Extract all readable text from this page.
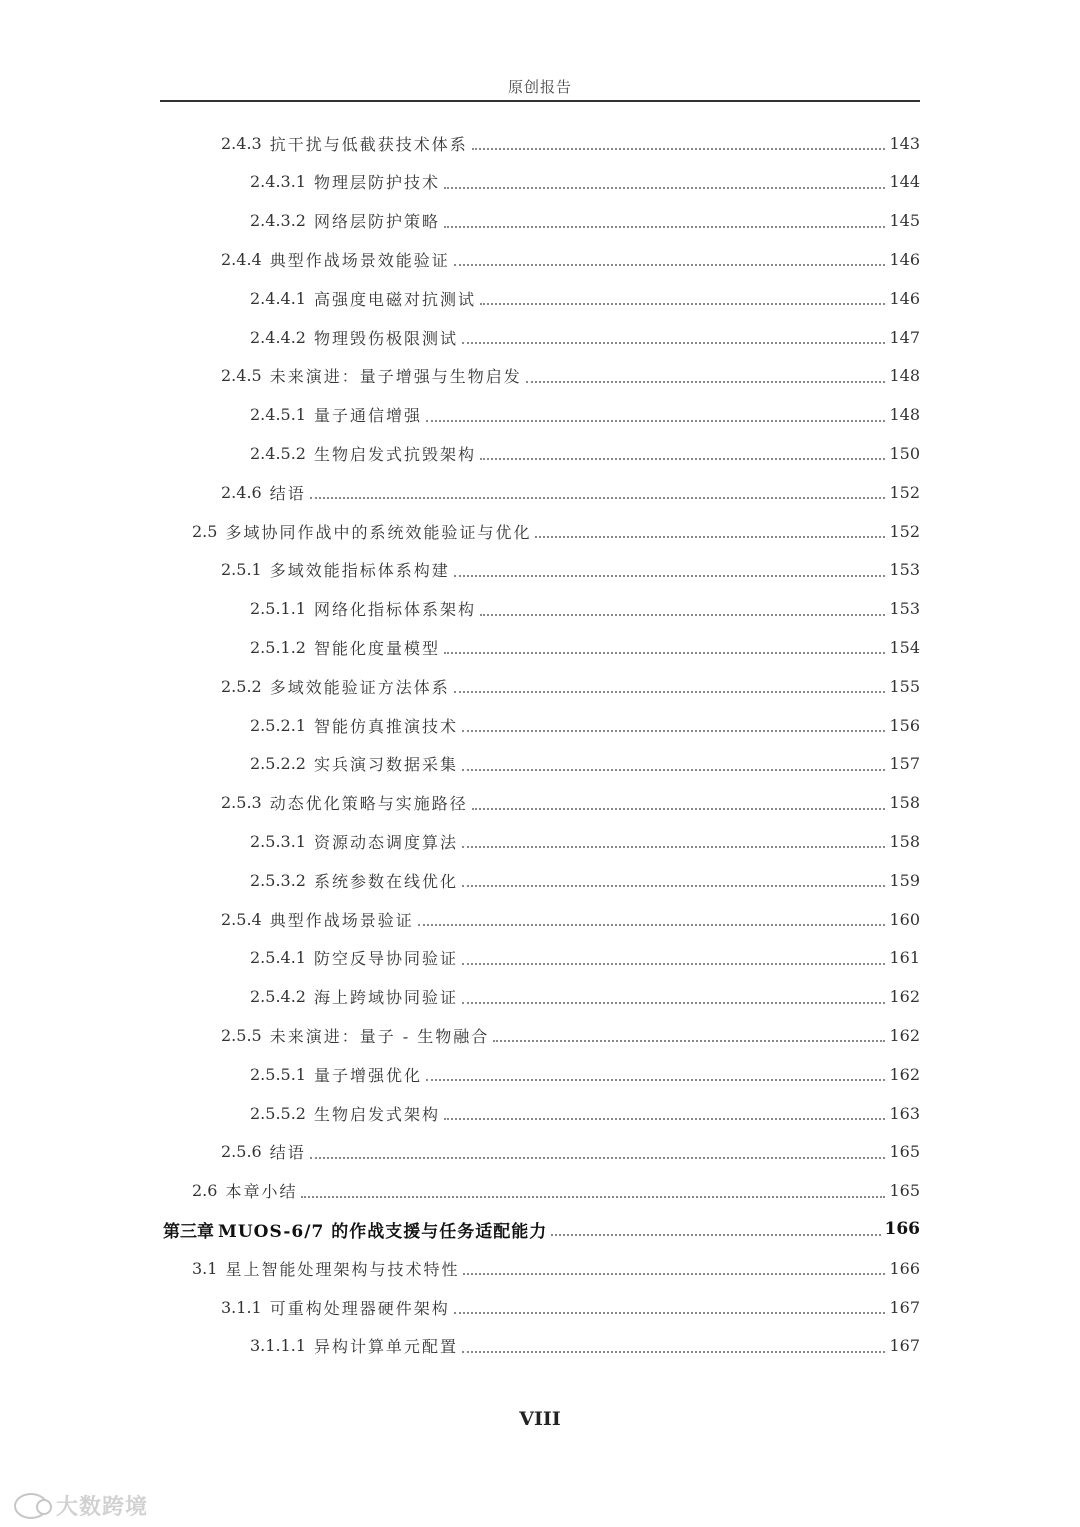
原创报告
2.4.3 抗干扰与低截获技术体系	143
2.4.3.1 物理层防护技术	144
2.4.3.2 网络层防护策略	145
2.4.4 典型作战场景效能验证	146
2.4.4.1 高强度电磁对抗测试	146
2.4.4.2 物理毁伤极限测试	147
2.4.5 未来演进：量子增强与生物启发	148
2.4.5.1 量子通信增强	148
2.4.5.2 生物启发式抗毁架构	150
2.4.6 结语	152
2.5 多域协同作战中的系统效能验证与优化	152
2.5.1 多域效能指标体系构建	153
2.5.1.1 网络化指标体系架构	153
2.5.1.2 智能化度量模型	154
2.5.2 多域效能验证方法体系	155
2.5.2.1 智能仿真推演技术	156
2.5.2.2 实兵演习数据采集	157
2.5.3 动态优化策略与实施路径	158
2.5.3.1 资源动态调度算法	158
2.5.3.2 系统参数在线优化	159
2.5.4 典型作战场景验证	160
2.5.4.1 防空反导协同验证	161
2.5.4.2 海上跨域协同验证	162
2.5.5 未来演进：量子 - 生物融合	162
2.5.5.1 量子增强优化	162
2.5.5.2 生物启发式架构	163
2.5.6 结语	165
2.6 本章小结	165
第三章 MUOS-6/7 的作战支援与任务适配能力	166
3.1 星上智能处理架构与技术特性	166
3.1.1 可重构处理器硬件架构	167
3.1.1.1 异构计算单元配置	167
VIII
大数跨境
